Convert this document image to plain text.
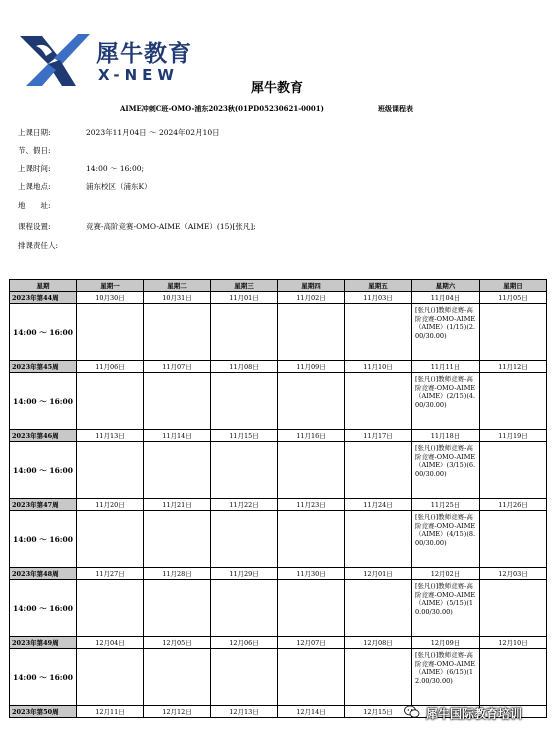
犀牛教育
X-NEW
犀牛教育
AIME冲刺C班-OMO-浦东2023秋(01PD05230621-0001)	班级课程表
上课日期:	2023年11月04日 ～ 2024年02月10日
节、假日:
上课时间:	14:00 ～ 16:00;
上课地点:	浦东校区（浦东K）
地　　址:
课程设置:	竞赛-高阶竞赛-OMO-AIME（AIME）(15)[张凡];
排课责任人:
星期	星期一	星期二	星期三	星期四	星期五	星期六	星期日
2023年第44周	10月30日	10月31日	11月01日	11月02日	11月03日	11月04日	11月05日
14:00 ～ 16:00						[张凡()]教师竞赛-高阶竞赛-OMO-AIME（AIME）(1/15)(2.00/30.00)	

2023年第45周	11月06日	11月07日	11月08日	11月09日	11月10日	11月11日	11月12日
14:00 ～ 16:00						[张凡()]教师竞赛-高阶竞赛-OMO-AIME（AIME）(2/15)(4.00/30.00)	

2023年第46周	11月13日	11月14日	11月15日	11月16日	11月17日	11月18日	11月19日
14:00 ～ 16:00						[张凡()]教师竞赛-高阶竞赛-OMO-AIME（AIME）(3/15)(6.00/30.00)	

2023年第47周	11月20日	11月21日	11月22日	11月23日	11月24日	11月25日	11月26日
14:00 ～ 16:00						[张凡()]教师竞赛-高阶竞赛-OMO-AIME（AIME）(4/15)(8.00/30.00)	

2023年第48周	11月27日	11月28日	11月29日	11月30日	12月01日	12月02日	12月03日
14:00 ～ 16:00						[张凡()]教师竞赛-高阶竞赛-OMO-AIME（AIME）(5/15)(10.00/30.00)	

2023年第49周	12月04日	12月05日	12月06日	12月07日	12月08日	12月09日	12月10日
14:00 ～ 16:00						[张凡()]教师竞赛-高阶竞赛-OMO-AIME（AIME）(6/15)(12.00/30.00)	

2023年第50周	12月11日	12月12日	12月13日	12月14日	12月15日			犀牛国际教育培训
